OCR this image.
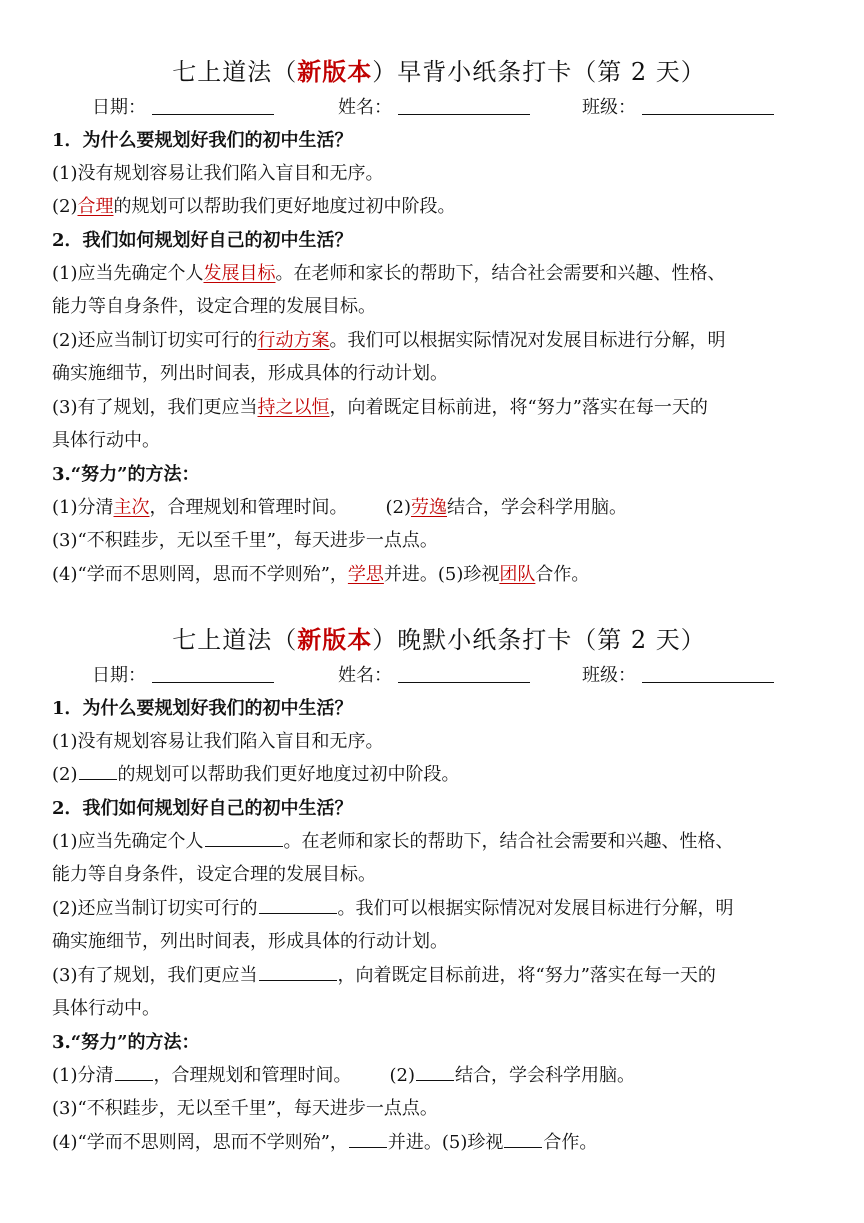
七上道法（新版本）早背小纸条打卡（第 2 天）
日期：	姓名：	班级：
1．为什么要规划好我们的初中生活？
(1)没有规划容易让我们陷入盲目和无序。
(2)合理的规划可以帮助我们更好地度过初中阶段。
2．我们如何规划好自己的初中生活？
(1)应当先确定个人发展目标。在老师和家长的帮助下，结合社会需要和兴趣、性格、
能力等自身条件，设定合理的发展目标。
(2)还应当制订切实可行的行动方案。我们可以根据实际情况对发展目标进行分解，明
确实施细节，列出时间表，形成具体的行动计划。
(3)有了规划，我们更应当持之以恒，向着既定目标前进，将“努力”落实在每一天的
具体行动中。
3.“努力”的方法：
(1)分清主次，合理规划和管理时间。 (2)劳逸结合，学会科学用脑。
(3)“不积跬步，无以至千里”，每天进步一点点。
(4)“学而不思则罔，思而不学则殆”，学思并进。(5)珍视团队合作。
七上道法（新版本）晚默小纸条打卡（第 2 天）
日期：	姓名：	班级：
1．为什么要规划好我们的初中生活？
(1)没有规划容易让我们陷入盲目和无序。
(2) 的规划可以帮助我们更好地度过初中阶段。
2．我们如何规划好自己的初中生活？
(1)应当先确定个人	。在老师和家长的帮助下，结合社会需要和兴趣、性格、
能力等自身条件，设定合理的发展目标。
(2)还应当制订切实可行的	。我们可以根据实际情况对发展目标进行分解，明
确实施细节，列出时间表，形成具体的行动计划。
(3)有了规划，我们更应当	，向着既定目标前进，将“努力”落实在每一天的
具体行动中。
3.“努力”的方法：
(1)分清 ，合理规划和管理时间。 (2) 结合，学会科学用脑。
(3)“不积跬步，无以至千里”，每天进步一点点。
(4)“学而不思则罔，思而不学则殆”， 并进。(5)珍视 合作。
